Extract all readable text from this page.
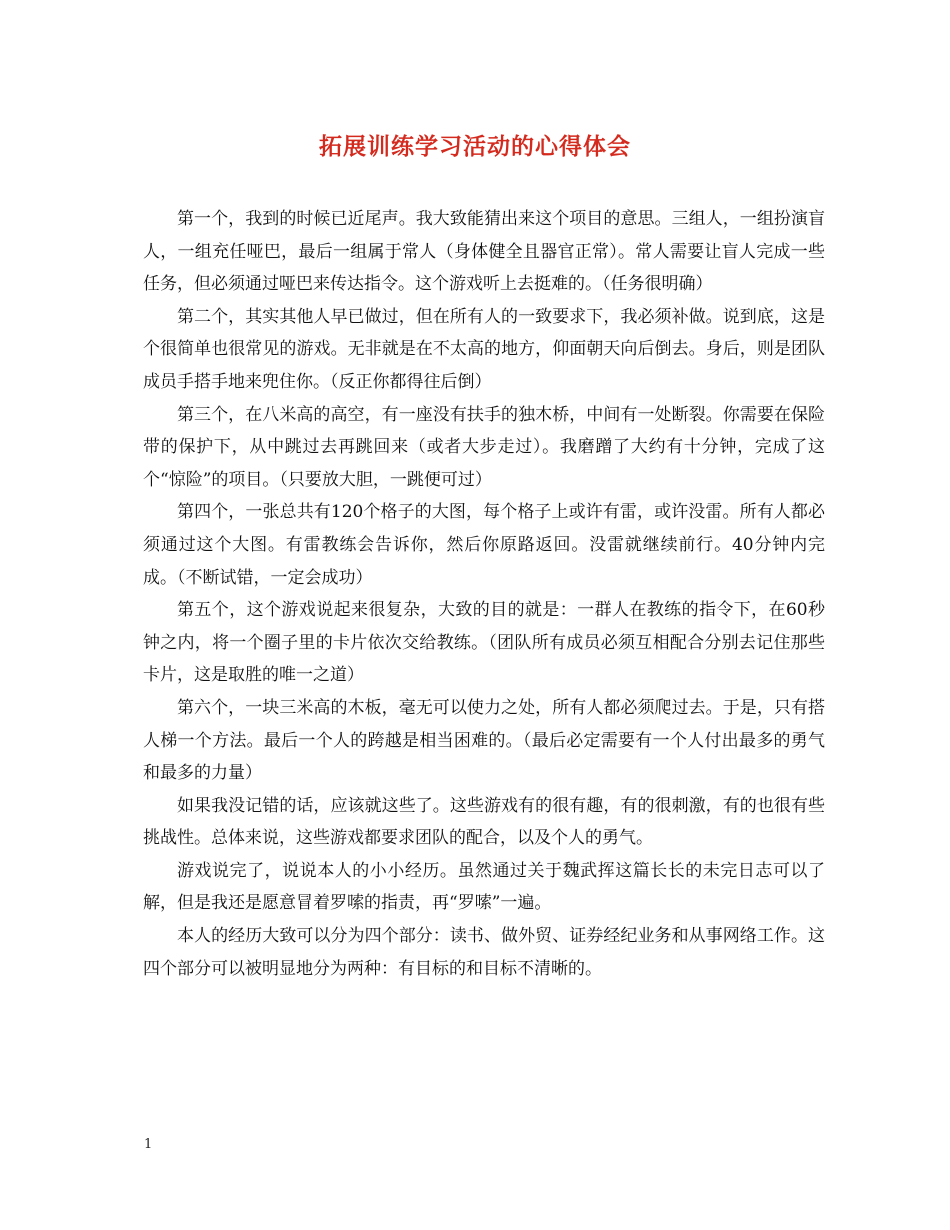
拓展训练学习活动的心得体会

第一个，我到的时候已近尾声。我大致能猜出来这个项目的意思。三组人，一组扮演盲人，一组充任哑巴，最后一组属于常人（身体健全且器官正常）。常人需要让盲人完成一些任务，但必须通过哑巴来传达指令。这个游戏听上去挺难的。（任务很明确）

第二个，其实其他人早已做过，但在所有人的一致要求下，我必须补做。说到底，这是个很简单也很常见的游戏。无非就是在不太高的地方，仰面朝天向后倒去。身后，则是团队成员手搭手地来兜住你。（反正你都得往后倒）

第三个，在八米高的高空，有一座没有扶手的独木桥，中间有一处断裂。你需要在保险带的保护下，从中跳过去再跳回来（或者大步走过）。我磨蹭了大约有十分钟，完成了这个“惊险”的项目。（只要放大胆，一跳便可过）

第四个，一张总共有120个格子的大图，每个格子上或许有雷，或许没雷。所有人都必须通过这个大图。有雷教练会告诉你，然后你原路返回。没雷就继续前行。40分钟内完成。（不断试错，一定会成功）

第五个，这个游戏说起来很复杂，大致的目的就是：一群人在教练的指令下，在60秒钟之内，将一个圈子里的卡片依次交给教练。（团队所有成员必须互相配合分别去记住那些卡片，这是取胜的唯一之道）

第六个，一块三米高的木板，毫无可以使力之处，所有人都必须爬过去。于是，只有搭人梯一个方法。最后一个人的跨越是相当困难的。（最后必定需要有一个人付出最多的勇气和最多的力量）

如果我没记错的话，应该就这些了。这些游戏有的很有趣，有的很刺激，有的也很有些挑战性。总体来说，这些游戏都要求团队的配合，以及个人的勇气。

游戏说完了，说说本人的小小经历。虽然通过关于魏武挥这篇长长的未完日志可以了解，但是我还是愿意冒着罗嗦的指责，再“罗嗦”一遍。

本人的经历大致可以分为四个部分：读书、做外贸、证券经纪业务和从事网络工作。这四个部分可以被明显地分为两种：有目标的和目标不清晰的。

1
